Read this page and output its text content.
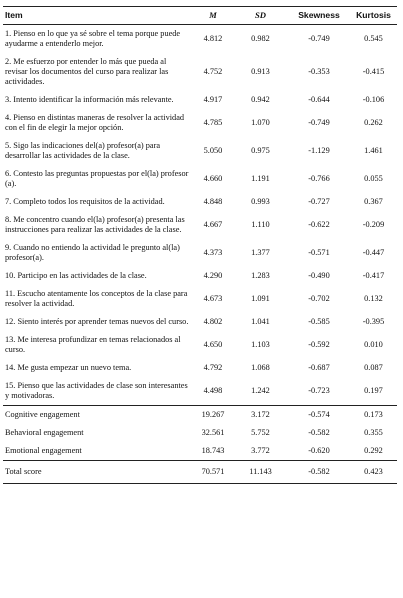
Item	M	SD	Skewness	Kurtosis
1. Pienso en lo que ya sé sobre el tema porque puede ayudarme a entenderlo mejor.	4.812	0.982	-0.749	0.545
2. Me esfuerzo por entender lo más que pueda al revisar los documentos del curso para realizar las actividades.	4.752	0.913	-0.353	-0.415
3. Intento identificar la información más relevante.	4.917	0.942	-0.644	-0.106
4. Pienso en distintas maneras de resolver la actividad con el fin de elegir la mejor opción.	4.785	1.070	-0.749	0.262
5. Sigo las indicaciones del(a) profesor(a) para desarrollar las actividades de la clase.	5.050	0.975	-1.129	1.461
6. Contesto las preguntas propuestas por el(la) profesor (a).	4.660	1.191	-0.766	0.055
7. Completo todos los requisitos de la actividad.	4.848	0.993	-0.727	0.367
8. Me concentro cuando el(la) profesor(a) presenta las instrucciones para realizar las actividades de la clase.	4.667	1.110	-0.622	-0.209
9. Cuando no entiendo la actividad le pregunto al(la) profesor(a).	4.373	1.377	-0.571	-0.447
10. Participo en las actividades de la clase.	4.290	1.283	-0.490	-0.417
11. Escucho atentamente los conceptos de la clase para resolver la actividad.	4.673	1.091	-0.702	0.132
12. Siento interés por aprender temas nuevos del curso.	4.802	1.041	-0.585	-0.395
13. Me interesa profundizar en temas relacionados al curso.	4.650	1.103	-0.592	0.010
14. Me gusta empezar un nuevo tema.	4.792	1.068	-0.687	0.087
15. Pienso que las actividades de clase son interesantes y motivadoras.	4.498	1.242	-0.723	0.197
Cognitive engagement	19.267	3.172	-0.574	0.173
Behavioral engagement	32.561	5.752	-0.582	0.355
Emotional engagement	18.743	3.772	-0.620	0.292
Total score	70.571	11.143	-0.582	0.423
